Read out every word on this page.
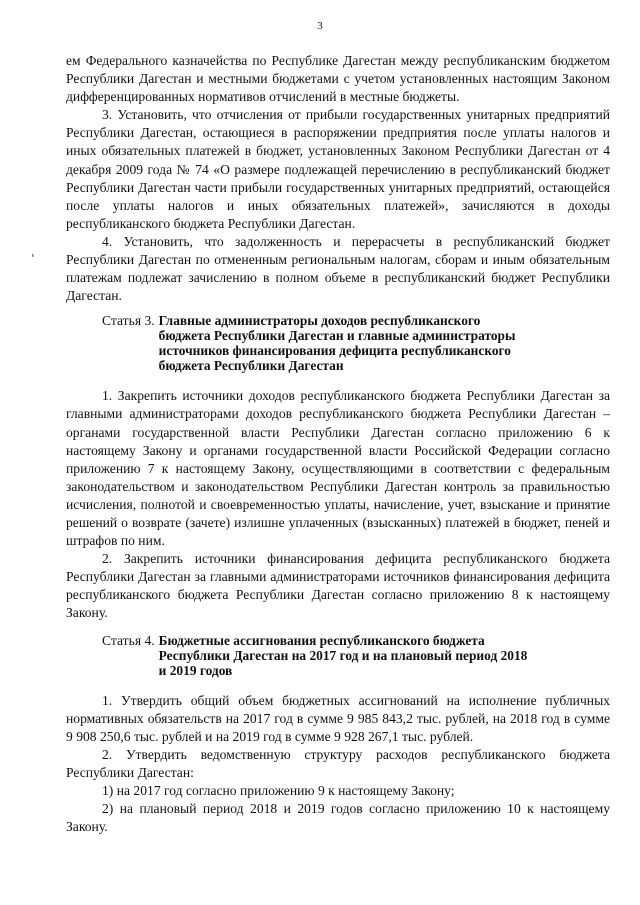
3

ем Федерального казначейства по Республике Дагестан между республиканским бюджетом Республики Дагестан и местными бюджетами с учетом установленных настоящим Законом дифференцированных нормативов отчислений в местные бюджеты.

3. Установить, что отчисления от прибыли государственных унитарных предприятий Республики Дагестан, остающиеся в распоряжении предприятия после уплаты налогов и иных обязательных платежей в бюджет, установленных Законом Республики Дагестан от 4 декабря 2009 года № 74 «О размере подлежащей перечислению в республиканский бюджет Республики Дагестан части прибыли государственных унитарных предприятий, остающейся после уплаты налогов и иных обязательных платежей», зачисляются в доходы республиканского бюджета Республики Дагестан.

4. Установить, что задолженность и перерасчеты в республиканский бюджет Республики Дагестан по отмененным региональным налогам, сборам и иным обязательным платежам подлежат зачислению в полном объеме в республиканский бюджет Республики Дагестан.

Статья 3. Главные администраторы доходов республиканского бюджета Республики Дагестан и главные администраторы источников финансирования дефицита республиканского бюджета Республики Дагестан

1. Закрепить источники доходов республиканского бюджета Республики Дагестан за главными администраторами доходов республиканского бюджета Республики Дагестан – органами государственной власти Республики Дагестан согласно приложению 6 к настоящему Закону и органами государственной власти Российской Федерации согласно приложению 7 к настоящему Закону, осуществляющими в соответствии с федеральным законодательством и законодательством Республики Дагестан контроль за правильностью исчисления, полнотой и своевременностью уплаты, начисление, учет, взыскание и принятие решений о возврате (зачете) излишне уплаченных (взысканных) платежей в бюджет, пеней и штрафов по ним.

2. Закрепить источники финансирования дефицита республиканского бюджета Республики Дагестан за главными администраторами источников финансирования дефицита республиканского бюджета Республики Дагестан согласно приложению 8 к настоящему Закону.

Статья 4. Бюджетные ассигнования республиканского бюджета Республики Дагестан на 2017 год и на плановый период 2018 и 2019 годов

1. Утвердить общий объем бюджетных ассигнований на исполнение публичных нормативных обязательств на 2017 год в сумме 9 985 843,2 тыс. рублей, на 2018 год в сумме 9 908 250,6 тыс. рублей и на 2019 год в сумме 9 928 267,1 тыс. рублей.

2. Утвердить ведомственную структуру расходов республиканского бюджета Республики Дагестан:

1) на 2017 год согласно приложению 9 к настоящему Закону;

2) на плановый период 2018 и 2019 годов согласно приложению 10 к настоящему Закону.
